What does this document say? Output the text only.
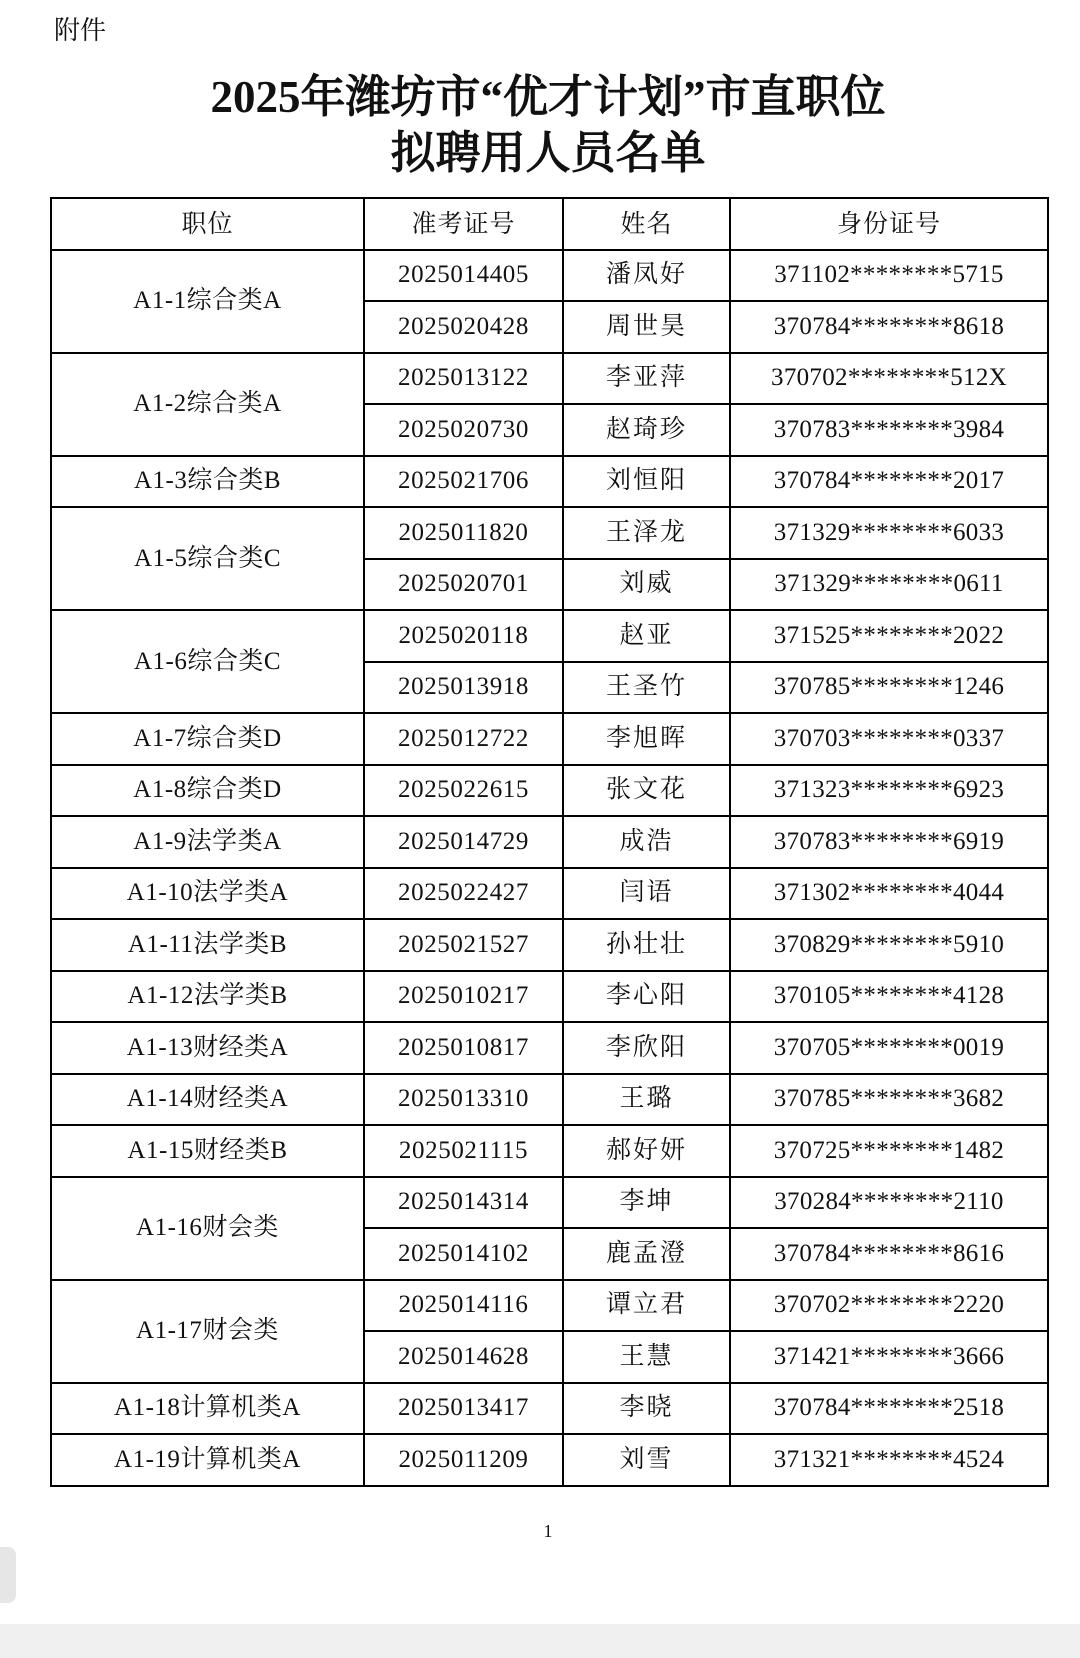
附件
2025年潍坊市“优才计划”市直职位
拟聘用人员名单
职位	准考证号	姓名	身份证号
A1-1综合类A	2025014405	潘凤好	371102********5715
	2025020428	周世昊	370784********8618
A1-2综合类A	2025013122	李亚萍	370702********512X
	2025020730	赵琦珍	370783********3984
A1-3综合类B	2025021706	刘恒阳	370784********2017
A1-5综合类C	2025011820	王泽龙	371329********6033
	2025020701	刘威	371329********0611
A1-6综合类C	2025020118	赵亚	371525********2022
	2025013918	王圣竹	370785********1246
A1-7综合类D	2025012722	李旭晖	370703********0337
A1-8综合类D	2025022615	张文花	371323********6923
A1-9法学类A	2025014729	成浩	370783********6919
A1-10法学类A	2025022427	闫语	371302********4044
A1-11法学类B	2025021527	孙壮壮	370829********5910
A1-12法学类B	2025010217	李心阳	370105********4128
A1-13财经类A	2025010817	李欣阳	370705********0019
A1-14财经类A	2025013310	王璐	370785********3682
A1-15财经类B	2025021115	郝好妍	370725********1482
A1-16财会类	2025014314	李坤	370284********2110
	2025014102	鹿孟澄	370784********8616
A1-17财会类	2025014116	谭立君	370702********2220
	2025014628	王慧	371421********3666
A1-18计算机类A	2025013417	李晓	370784********2518
A1-19计算机类A	2025011209	刘雪	371321********4524
1
